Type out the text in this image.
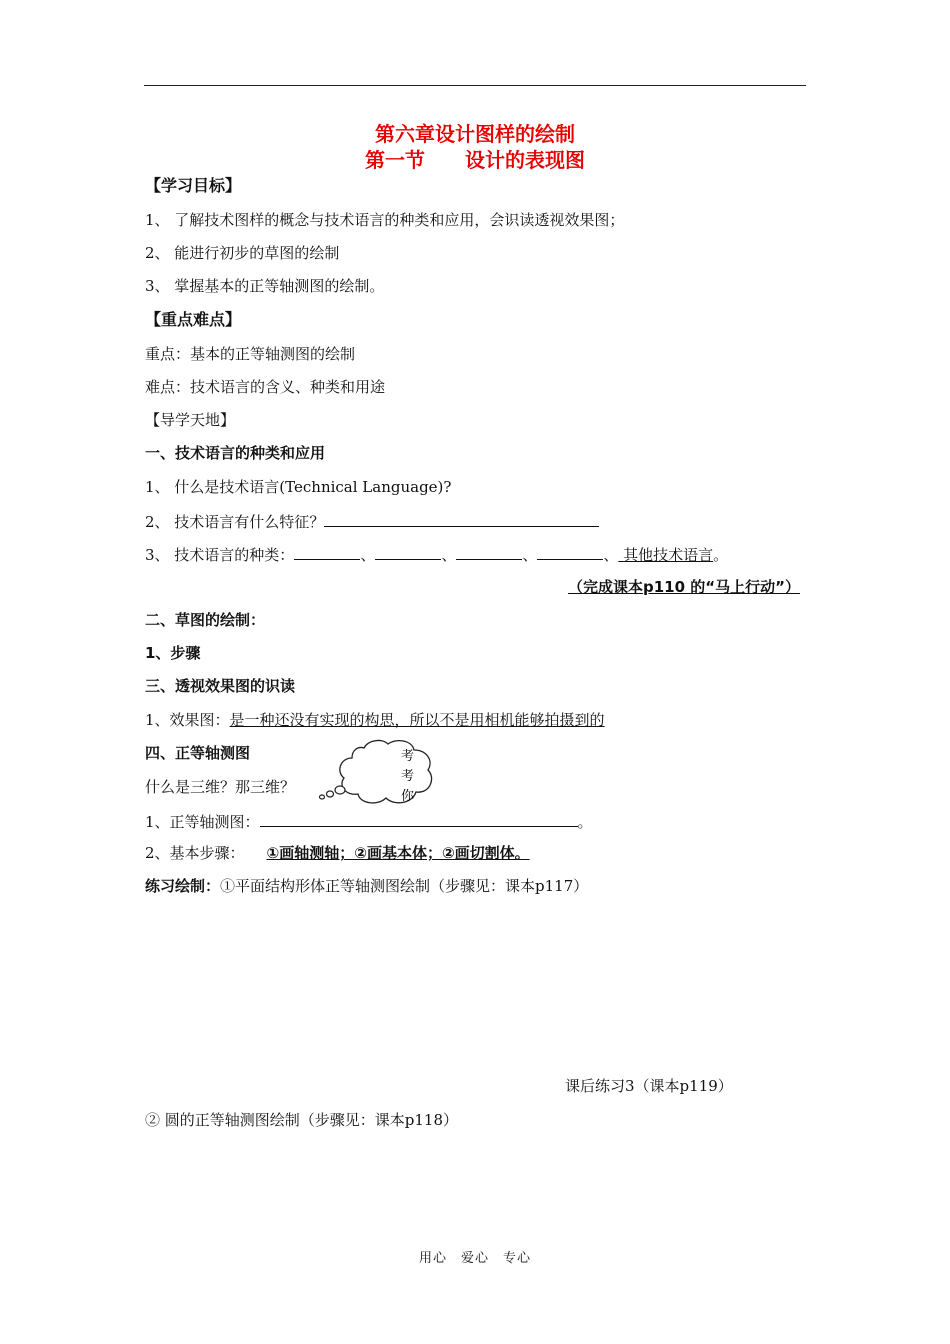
第六章设计图样的绘制
第一节　　设计的表现图
【学习目标】
1、 了解技术图样的概念与技术语言的种类和应用，会识读透视效果图；
2、 能进行初步的草图的绘制
3、 掌握基本的正等轴测图的绘制。
【重点难点】
重点：基本的正等轴测图的绘制
难点：技术语言的含义、种类和用途
【导学天地】
一、技术语言的种类和应用
1、 什么是技术语言(Technical Language)?
2、 技术语言有什么特征？
3、 技术语言的种类：	、	、	、	、 其他技术语言。
（完成课本p110 的“马上行动”）
二、草图的绘制：
1、步骤
三、透视效果图的识读
1、效果图：是一种还没有实现的构思，所以不是用相机能够拍摄到的
四、正等轴测图
什么是三维？那三维？
考
考
你
1、正等轴测图：	。
2、基本步骤： ①画轴测轴；②画基本体；②画切割体。
练习绘制：①平面结构形体正等轴测图绘制（步骤见：课本p117）
课后练习3（课本p119）
② 圆的正等轴测图绘制（步骤见：课本p118）
用心　爱心　专心
